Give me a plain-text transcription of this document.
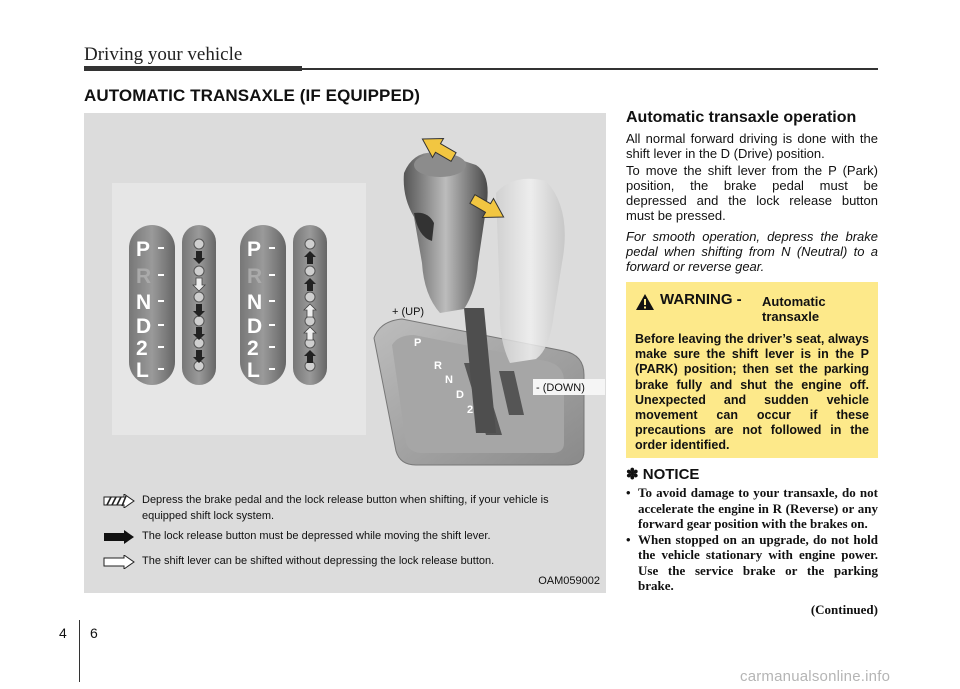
Driving your vehicle
AUTOMATIC TRANSAXLE (IF EQUIPPED)
P
R
N
D
2
L
P
R
N
D
2
L
P
R
N
D
2
+ (UP)
- (DOWN)
Depress the brake pedal and the lock release button when shifting, if your vehicle is equipped shift lock system.
The lock release button must be depressed while moving the shift lever.
The shift lever can be shifted without depressing the lock release button.
OAM059002
Automatic transaxle operation
All normal forward driving is done with the shift lever in the D (Drive) position.
To move the shift lever from the P (Park) position, the brake pedal must be depressed and the lock release button must be pressed.
For smooth operation, depress the brake pedal when shifting from N (Neutral) to a forward or reverse gear.
WARNING - Automatic transaxle
Before leaving the driver’s seat, always make sure the shift lever is in the P (PARK) position; then set the parking brake fully and shut the engine off. Unexpected and sudden vehicle movement can occur if these precautions are not followed in the order identified.
✽ NOTICE
• To avoid damage to your transaxle, do not accelerate the engine in R (Reverse) or any forward gear position with the brakes on.
• When stopped on an upgrade, do not hold the vehicle stationary with engine power. Use the service brake or the parking brake.
(Continued)
4 6
carmanualsonline.info
